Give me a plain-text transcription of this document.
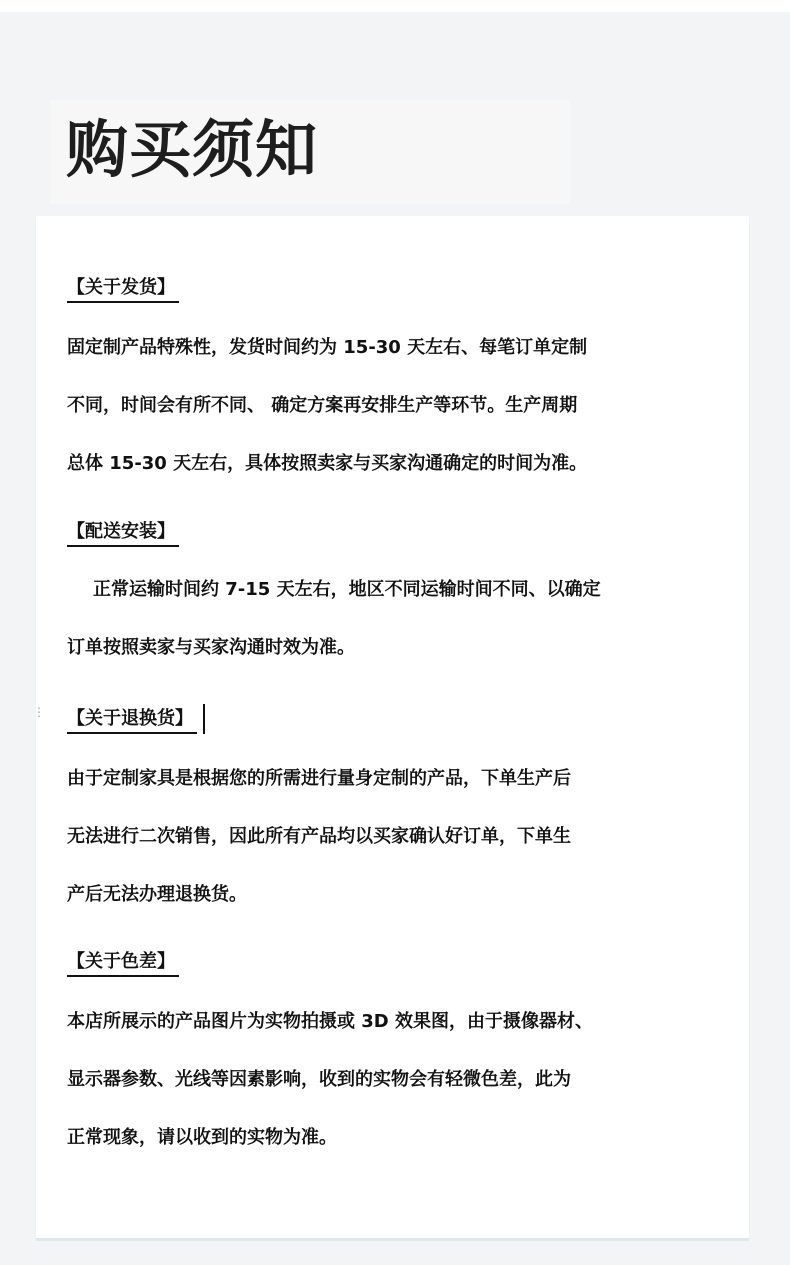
购买须知
⋮
【关于发货】
固定制产品特殊性，发货时间约为 15-30 天左右、每笔订单定制
不同，时间会有所不同、 确定方案再安排生产等环节。生产周期
总体 15-30 天左右，具体按照卖家与买家沟通确定的时间为准。
【配送安装】
正常运输时间约 7-15 天左右，地区不同运输时间不同、以确定
订单按照卖家与买家沟通时效为准。
【关于退换货】
由于定制家具是根据您的所需进行量身定制的产品，下单生产后
无法进行二次销售，因此所有产品均以买家确认好订单，下单生
产后无法办理退换货。
【关于色差】
本店所展示的产品图片为实物拍摄或 3D 效果图，由于摄像器材、
显示器参数、光线等因素影响，收到的实物会有轻微色差，此为
正常现象，请以收到的实物为准。
